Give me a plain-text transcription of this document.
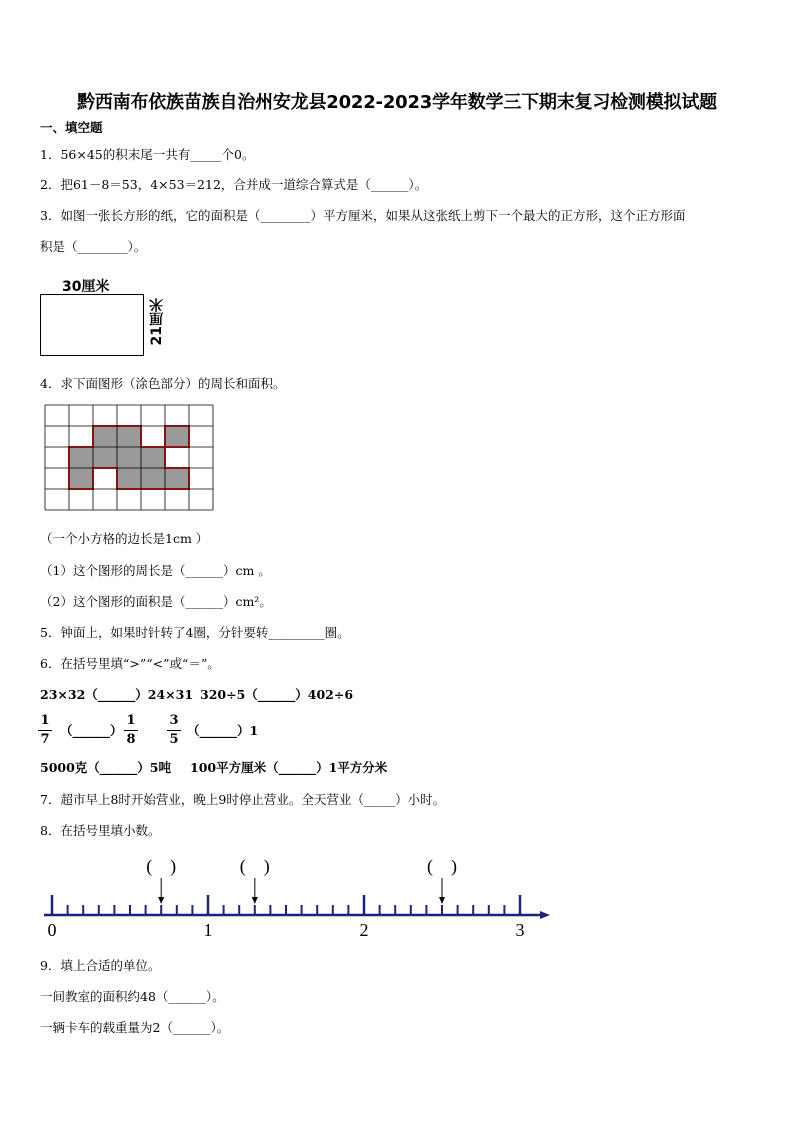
黔西南布依族苗族自治州安龙县2022-2023学年数学三下期末复习检测模拟试题
一、填空题
1．56×45的积末尾一共有_____个0。
2．把61－8＝53，4×53＝212，合并成一道综合算式是（______）。
3．如图一张长方形的纸，它的面积是（________）平方厘米，如果从这张纸上剪下一个最大的正方形，这个正方形面
积是（________）。
30厘米
21厘米
4．求下面图形（涂色部分）的周长和面积。
（一个小方格的边长是1cm ）
（1）这个图形的周长是（______）cm 。
（2）这个图形的面积是（______）cm²。
5．钟面上，如果时针转了4圈，分针要转_________圈。
6．在括号里填“>”“<”或“＝”。
23×32（______）24×31 320÷5（______）402÷6
1
7
（______）
1
8
3
5
（______）1
5000克（______）5吨 100平方厘米（______）1平方分米
7．超市早上8时开始营业，晚上9时停止营业。全天营业（_____）小时。
8．在括号里填小数。
0	1	2	3
(　)	(　)	(　)
9．填上合适的单位。
一间教室的面积约48（______）。
一辆卡车的载重量为2（______）。
